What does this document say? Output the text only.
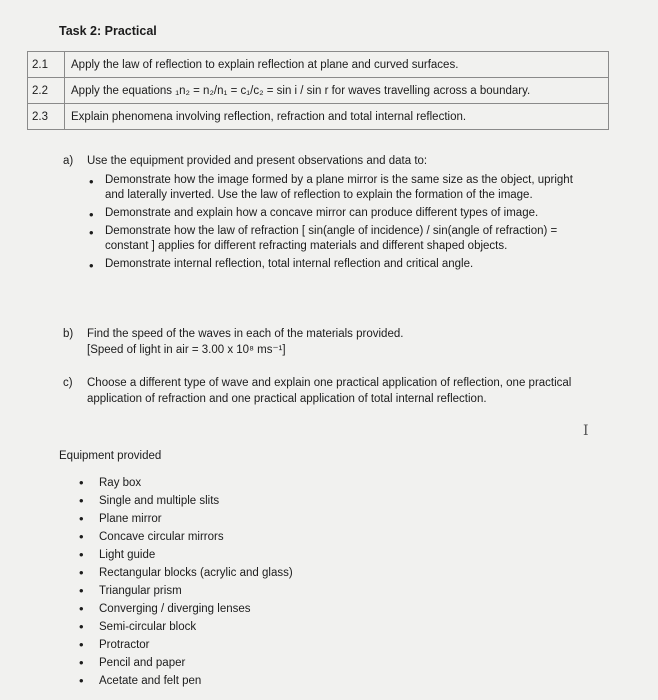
Task 2: Practical
2.1	Apply the law of reflection to explain reflection at plane and curved surfaces.
2.2	Apply the equations ₁n₂ = n₂/n₁ = c₁/c₂ = sin i / sin r for waves travelling across a boundary.
2.3	Explain phenomena involving reflection, refraction and total internal reflection.
a)	Use the equipment provided and present observations and data to:
• Demonstrate how the image formed by a plane mirror is the same size as the object, upright and laterally inverted. Use the law of reflection to explain the formation of the image.
• Demonstrate and explain how a concave mirror can produce different types of image.
• Demonstrate how the law of refraction [ sin(angle of incidence) / sin(angle of refraction) = constant ] applies for different refracting materials and different shaped objects.
• Demonstrate internal reflection, total internal reflection and critical angle.
b)	Find the speed of the waves in each of the materials provided.
[Speed of light in air = 3.00 x 10⁸ ms⁻¹]
c)	Choose a different type of wave and explain one practical application of reflection, one practical application of refraction and one practical application of total internal reflection.
I
Equipment provided
• Ray box
• Single and multiple slits
• Plane mirror
• Concave circular mirrors
• Light guide
• Rectangular blocks (acrylic and glass)
• Triangular prism
• Converging / diverging lenses
• Semi-circular block
• Protractor
• Pencil and paper
• Acetate and felt pen
